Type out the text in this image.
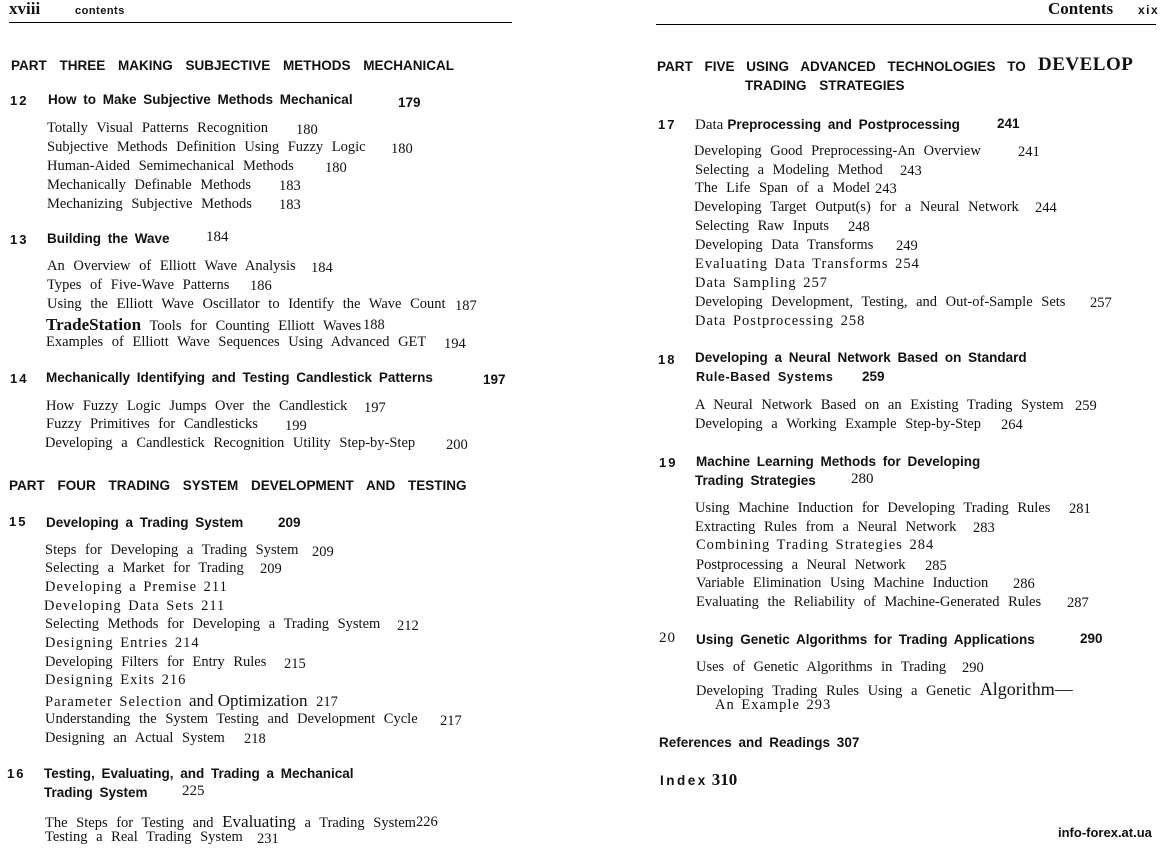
xviii	contents
PART THREE MAKING SUBJECTIVE METHODS MECHANICAL
12 How to Make Subjective Methods Mechanical	179
Totally Visual Patterns Recognition 180
Subjective Methods Definition Using Fuzzy Logic 180
Human-Aided Semimechanical Methods 180
Mechanically Definable Methods 183
Mechanizing Subjective Methods 183
13 Building the Wave 184
An Overview of Elliott Wave Analysis 184
Types of Five-Wave Patterns 186
Using the Elliott Wave Oscillator to Identify the Wave Count 187
TradeStation Tools for Counting Elliott Waves 188
Examples of Elliott Wave Sequences Using Advanced GET 194
14 Mechanically Identifying and Testing Candlestick Patterns	197
How Fuzzy Logic Jumps Over the Candlestick 197
Fuzzy Primitives for Candlesticks 199
Developing a Candlestick Recognition Utility Step-by-Step 200
PART FOUR TRADING SYSTEM DEVELOPMENT AND TESTING
15 Developing a Trading System	209
Steps for Developing a Trading System 209
Selecting a Market for Trading 209
Developing a Premise 211
Developing Data Sets 211
Selecting Methods for Developing a Trading System 212
Designing Entries 214
Developing Filters for Entry Rules 215
Designing Exits 216
Parameter Selection and Optimization 217
Understanding the System Testing and Development Cycle 217
Designing an Actual System 218
16 Testing, Evaluating, and Trading a Mechanical
Trading System 225
The Steps for Testing and Evaluating a Trading System 226
Testing a Real Trading System 231
Contents xix
PART FIVE USING ADVANCED TECHNOLOGIES TO DEVELOP
TRADING STRATEGIES
17 Data Preprocessing and Postprocessing	241
Developing Good Preprocessing-An Overview	241
Selecting a Modeling Method 243
The Life Span of a Model 243
Developing Target Output(s) for a Neural Network 244
Selecting Raw Inputs 248
Developing Data Transforms 249
Evaluating Data Transforms 254
Data Sampling 257
Developing Development, Testing, and Out-of-Sample Sets 257
Data Postprocessing 258
18 Developing a Neural Network Based on Standard
Rule-Based Systems 259
A Neural Network Based on an Existing Trading System 259
Developing a Working Example Step-by-Step 264
19 Machine Learning Methods for Developing
Trading Strategies 280
Using Machine Induction for Developing Trading Rules 281
Extracting Rules from a Neural Network 283
Combining Trading Strategies 284
Postprocessing a Neural Network 285
Variable Elimination Using Machine Induction 286
Evaluating the Reliability of Machine-Generated Rules 287
20 Using Genetic Algorithms for Trading Applications	290
Uses of Genetic Algorithms in Trading 290
Developing Trading Rules Using a Genetic Algorithm—
An Example 293
References and Readings 307
Index 310
info-forex.at.ua
